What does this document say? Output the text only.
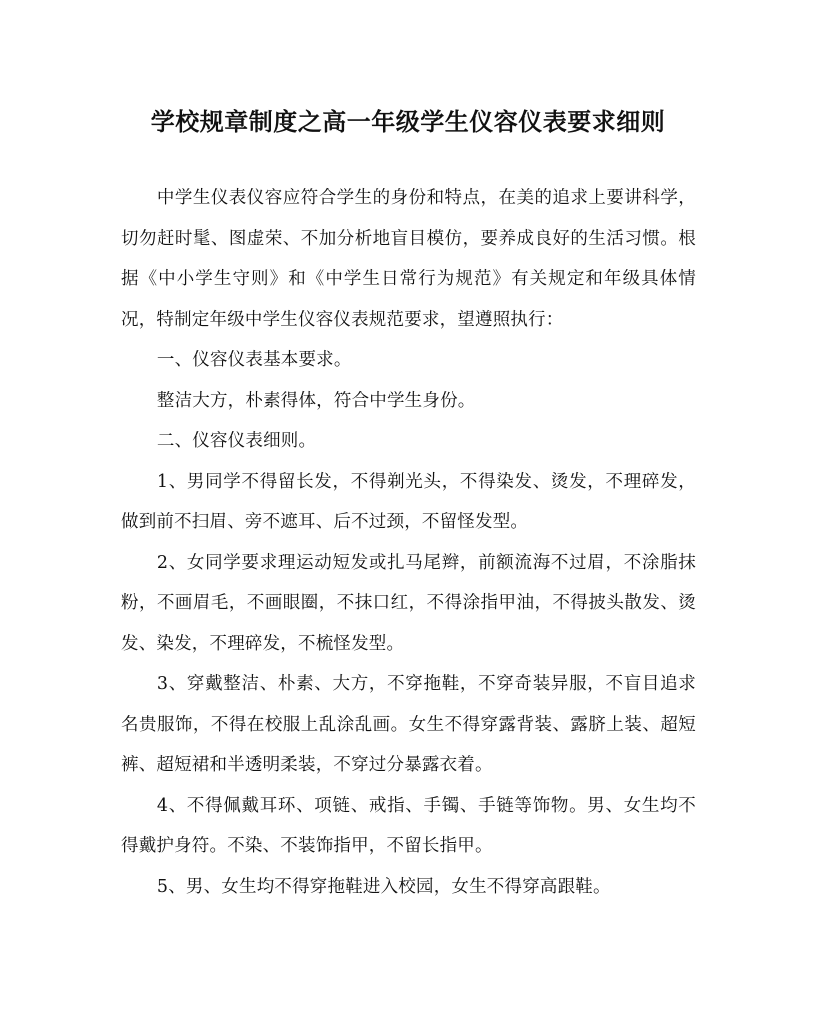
学校规章制度之高一年级学生仪容仪表要求细则

中学生仪表仪容应符合学生的身份和特点，在美的追求上要讲科学，切勿赶时髦、图虚荣、不加分析地盲目模仿，要养成良好的生活习惯。根据《中小学生守则》和《中学生日常行为规范》有关规定和年级具体情况，特制定年级中学生仪容仪表规范要求，望遵照执行：

一、仪容仪表基本要求。

整洁大方，朴素得体，符合中学生身份。

二、仪容仪表细则。

1、男同学不得留长发，不得剃光头，不得染发、烫发，不理碎发，做到前不扫眉、旁不遮耳、后不过颈，不留怪发型。

2、女同学要求理运动短发或扎马尾辫，前额流海不过眉，不涂脂抹粉，不画眉毛，不画眼圈，不抹口红，不得涂指甲油，不得披头散发、烫发、染发，不理碎发，不梳怪发型。

3、穿戴整洁、朴素、大方，不穿拖鞋，不穿奇装异服，不盲目追求名贵服饰，不得在校服上乱涂乱画。女生不得穿露背装、露脐上装、超短裤、超短裙和半透明柔装，不穿过分暴露衣着。

4、不得佩戴耳环、项链、戒指、手镯、手链等饰物。男、女生均不得戴护身符。不染、不装饰指甲，不留长指甲。

5、男、女生均不得穿拖鞋进入校园，女生不得穿高跟鞋。
